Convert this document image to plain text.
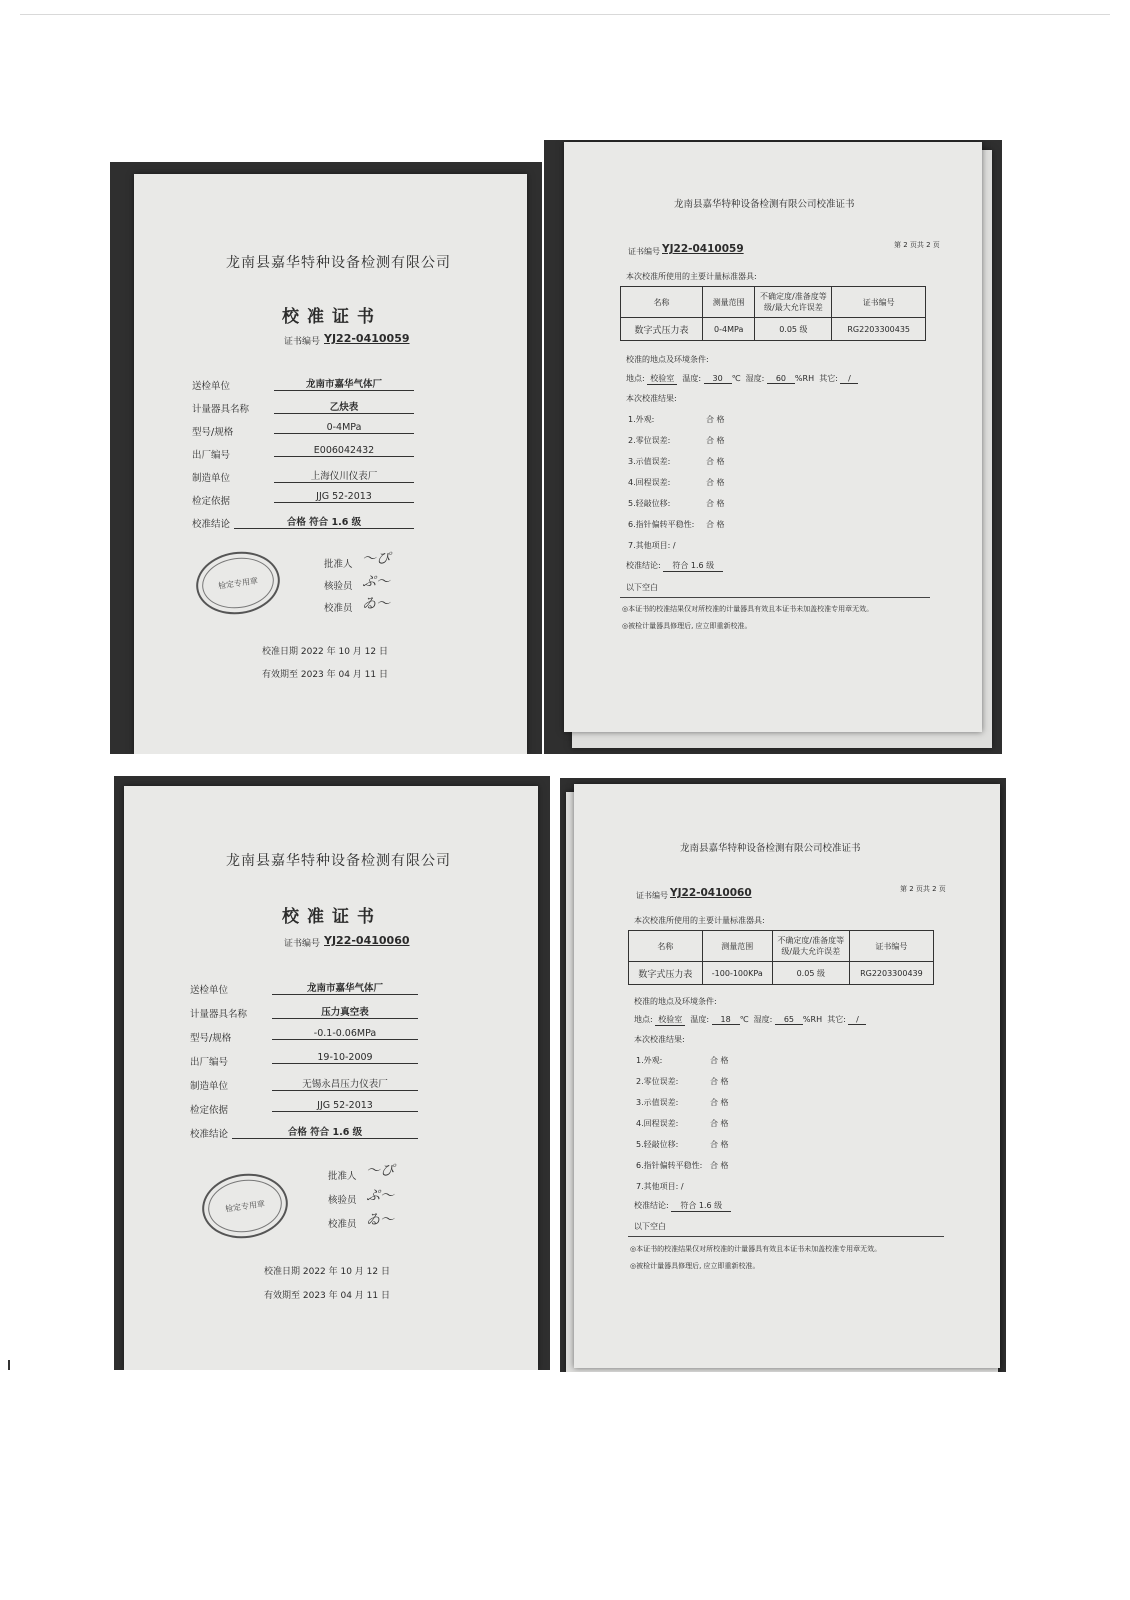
龙南县嘉华特种设备检测有限公司
校准证书
证书编号 YJ22-0410059
送检单位	龙南市嘉华气体厂
计量器具名称	乙炔表
型号/规格	0-4MPa
出厂编号	E006042432
制造单位	上海仪川仪表厂
检定依据	JJG 52-2013
校准结论	合格 符合 1.6 级
检定专用章
批准人 〜ぴ
核验员 ぷ〜
校准员 ゐ〜
校准日期 2022 年 10 月 12 日
有效期至 2023 年 04 月 11 日
龙南县嘉华特种设备检测有限公司校准证书
证书编号 YJ22-0410059	第 2 页共 2 页
本次校准所使用的主要计量标准器具:
名称	测量范围	不确定度/准备度等级/最大允许误差	证书编号
数字式压力表	0-4MPa	0.05 级	RG2203300435
校准的地点及环境条件:
地点: 校验室 温度: 30 ℃ 湿度: 60 %RH 其它: /
本次校准结果:
1.外观:	合 格
2.零位误差:	合 格
3.示值误差:	合 格
4.回程误差:	合 格
5.轻敲位移:	合 格
6.指针偏转平稳性: 合 格
7.其他项目: /
校准结论: 符合 1.6 级
以下空白
◎本证书的校准结果仅对所校准的计量器具有效且本证书未加盖校准专用章无效。
◎被检计量器具修理后, 应立即重新校准。
龙南县嘉华特种设备检测有限公司
校准证书
证书编号 YJ22-0410060
送检单位	龙南市嘉华气体厂
计量器具名称	压力真空表
型号/规格	-0.1-0.06MPa
出厂编号	19-10-2009
制造单位	无锡永昌压力仪表厂
检定依据	JJG 52-2013
校准结论	合格 符合 1.6 级
检定专用章
批准人 〜ぴ
核验员 ぷ〜
校准员 ゐ〜
校准日期 2022 年 10 月 12 日
有效期至 2023 年 04 月 11 日
龙南县嘉华特种设备检测有限公司校准证书
证书编号 YJ22-0410060	第 2 页共 2 页
本次校准所使用的主要计量标准器具:
名称	测量范围	不确定度/准备度等级/最大允许误差	证书编号
数字式压力表	-100-100KPa	0.05 级	RG2203300439
校准的地点及环境条件:
地点: 校验室 温度: 18 ℃ 湿度: 65 %RH 其它: /
本次校准结果:
1.外观:	合 格
2.零位误差:	合 格
3.示值误差:	合 格
4.回程误差:	合 格
5.轻敲位移:	合 格
6.指针偏转平稳性: 合 格
7.其他项目: /
校准结论: 符合 1.6 级
以下空白
◎本证书的校准结果仅对所校准的计量器具有效且本证书未加盖校准专用章无效。
◎被检计量器具修理后, 应立即重新校准。
